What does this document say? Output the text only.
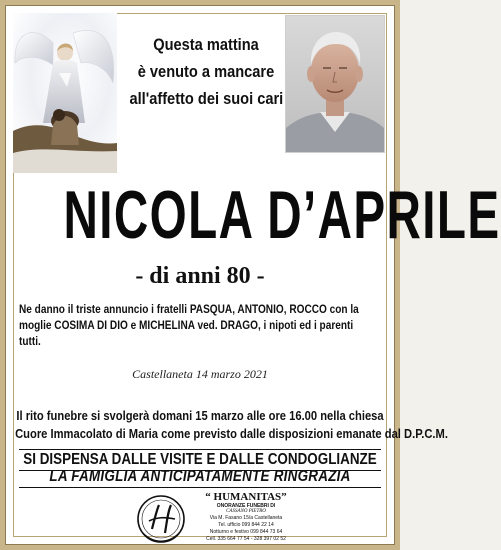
Questa mattina
è venuto a mancare
all'affetto dei suoi cari
NICOLA D’APRILE
- di anni 80 -
Ne danno il triste annuncio i fratelli PASQUA, ANTONIO, ROCCO con la moglie COSIMA DI DIO e MICHELINA ved. DRAGO, i nipoti ed i parenti tutti.
Castellaneta 14 marzo 2021
Il rito funebre si svolgerà domani 15 marzo alle ore 16.00 nella chiesa
Cuore Immacolato di Maria come previsto dalle disposizioni emanate dal D.P.C.M.
SI DISPENSA DALLE VISITE E DALLE CONDOGLIANZE
LA FAMIGLIA ANTICIPATAMENTE RINGRAZIA
“ HUMANITAS”
ONORANZE FUNEBRI DI
CASSANO PIETRO
Via M. Fasano 15/a Castellaneta
Tel. ufficio 099 844 22 14
Notturno e festivo 099 844 73 64
Cell. 335 664 77 54 - 328 397 02 52
